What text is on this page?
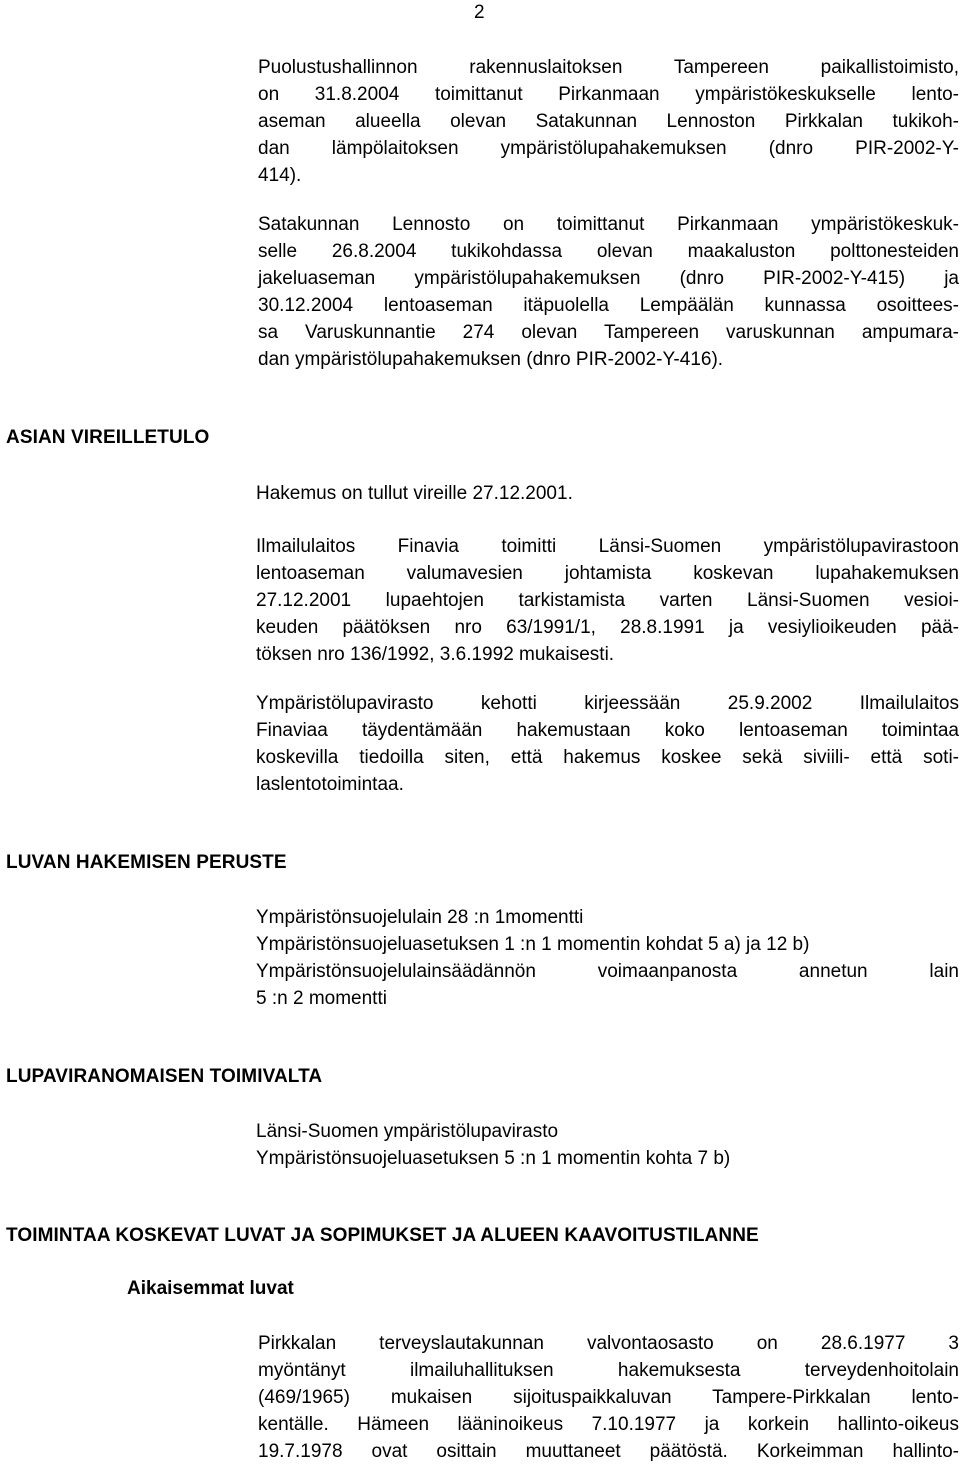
2
Puolustushallinnon rakennuslaitoksen Tampereen paikallistoimisto,
on 31.8.2004 toimittanut Pirkanmaan ympäristökeskukselle lento-
aseman alueella olevan Satakunnan Lennoston Pirkkalan tukikoh-
dan lämpölaitoksen ympäristölupahakemuksen (dnro PIR-2002-Y-
414).
Satakunnan Lennosto on toimittanut Pirkanmaan ympäristökeskuk-
selle 26.8.2004 tukikohdassa olevan maakaluston polttonesteiden
jakeluaseman ympäristölupahakemuksen (dnro PIR-2002-Y-415) ja
30.12.2004 lentoaseman itäpuolella Lempäälän kunnassa osoittees-
sa Varuskunnantie 274 olevan Tampereen varuskunnan ampumara-
dan ympäristölupahakemuksen (dnro PIR-2002-Y-416).
ASIAN VIREILLETULO
Hakemus on tullut vireille 27.12.2001.
Ilmailulaitos Finavia toimitti Länsi-Suomen ympäristölupavirastoon
lentoaseman valumavesien johtamista koskevan lupahakemuksen
27.12.2001 lupaehtojen tarkistamista varten Länsi-Suomen vesioi-
keuden päätöksen nro 63/1991/1, 28.8.1991 ja vesiylioikeuden pää-
töksen nro 136/1992, 3.6.1992 mukaisesti.
Ympäristölupavirasto kehotti kirjeessään 25.9.2002 Ilmailulaitos
Finaviaa täydentämään hakemustaan koko lentoaseman toimintaa
koskevilla tiedoilla siten, että hakemus koskee sekä siviili- että soti-
laslentotoimintaa.
LUVAN HAKEMISEN PERUSTE
Ympäristönsuojelulain 28 :n 1momentti
Ympäristönsuojeluasetuksen 1 :n 1 momentin kohdat 5 a) ja 12 b)
Ympäristönsuojelulainsäädännön voimaanpanosta annetun lain
5 :n 2 momentti
LUPAVIRANOMAISEN TOIMIVALTA
Länsi-Suomen ympäristölupavirasto
Ympäristönsuojeluasetuksen 5 :n 1 momentin kohta 7 b)
TOIMINTAA KOSKEVAT LUVAT JA SOPIMUKSET JA ALUEEN KAAVOITUSTILANNE
Aikaisemmat luvat
Pirkkalan terveyslautakunnan valvontaosasto on 28.6.1977 3
myöntänyt ilmailuhallituksen hakemuksesta terveydenhoitolain
(469/1965) mukaisen sijoituspaikkaluvan Tampere-Pirkkalan lento-
kentälle. Hämeen lääninoikeus 7.10.1977 ja korkein hallinto-oikeus
19.7.1978 ovat osittain muuttaneet päätöstä. Korkeimman hallinto-
